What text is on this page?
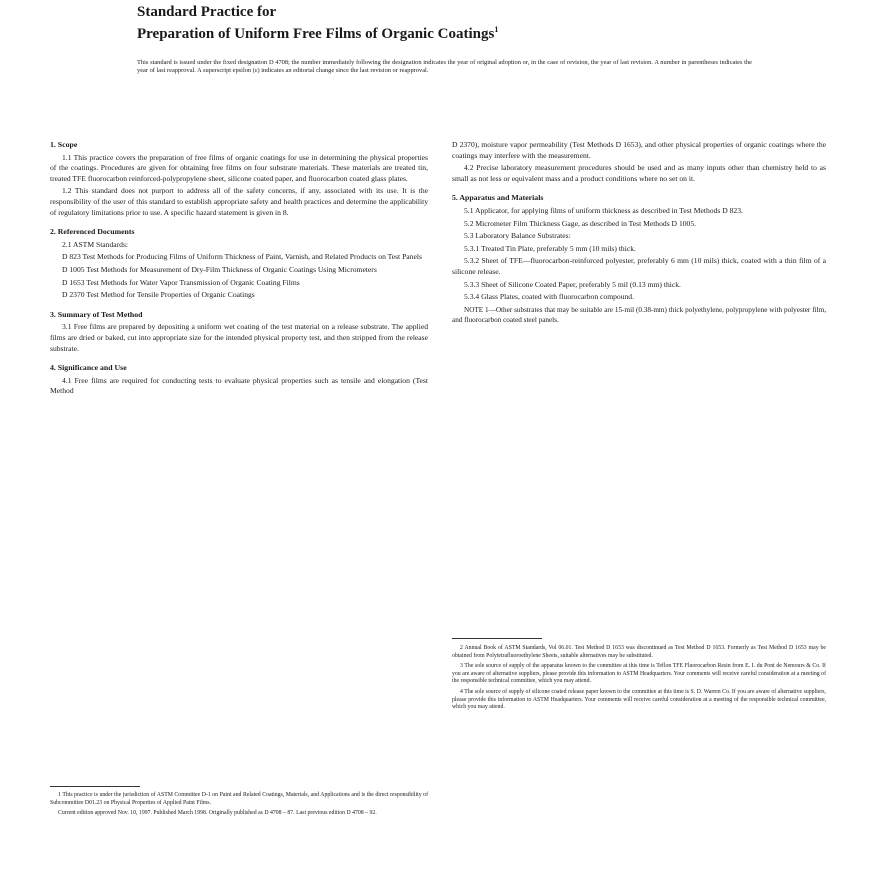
Standard Practice for

Preparation of Uniform Free Films of Organic Coatings$^1$

This standard is issued under the fixed designation D 4708; the number immediately following the designation indicates the year of original adoption or, in the case of revision, the year of last revision. A number in parentheses indicates the year of last reapproval. A superscript epsilon (ε) indicates an editorial change since the last revision or reapproval.

1. Scope

1.1 This practice covers the preparation of free films of organic coatings for use in determining the physical properties of the coatings. Procedures are given for obtaining free films on four substrate materials. These materials are treated tin, treated TFE fluorocarbon reinforced-polypropylene sheet, silicone coated paper, and fluorocarbon coated glass plates.

1.2 This standard does not purport to address all of the safety concerns, if any, associated with its use. It is the responsibility of the user of this standard to establish appropriate safety and health practices and determine the applicability of regulatory limitations prior to use. A specific hazard statement is given in 8.

2. Referenced Documents

2.1 ASTM Standards:

D 823 Test Methods for Producing Films of Uniform Thickness of Paint, Varnish, and Related Products on Test Panels

D 1005 Test Methods for Measurement of Dry-Film Thickness of Organic Coatings Using Micrometers

D 1653 Test Methods for Water Vapor Transmission of Organic Coating Films

D 2370 Test Method for Tensile Properties of Organic Coatings

3. Summary of Test Method

3.1 Free films are prepared by depositing a uniform wet coating of the test material on a release substrate. The applied films are dried or baked, cut into appropriate size for the intended physical property test, and then stripped from the release substrate.

4. Significance and Use

4.1 Free films are required for conducting tests to evaluate physical properties such as tensile and elongation (Test Method

D 2370), moisture vapor permeability (Test Methods D 1653), and other physical properties of organic coatings where the coatings may interfere with the measurement.

4.2 Precise laboratory measurement procedures should be used and as many inputs other than chemistry held to as small as not less or equivalent mass and a product conditions where no set on it.

5. Apparatus and Materials

5.1 Applicator, for applying films of uniform thickness as described in Test Methods D 823.

5.2 Micrometer Film Thickness Gage, as described in Test Methods D 1005.

5.3 Laboratory Balance Substrates:

5.3.1 Treated Tin Plate, preferably 5 mm (10 mils) thick.

5.3.2 Sheet of TFE—fluorocarbon-reinforced polyester, preferably 6 mm (10 mils) thick, coated with a thin film of a silicone release.

5.3.3 Sheet of Silicone Coated Paper, preferably 5 mil (0.13 mm) thick.

5.3.4 Glass Plates, coated with fluorocarbon compound.

NOTE 1—Other substrates that may be suitable are 15-mil (0.38-mm) thick polyethylene, polypropylene with polyester film, and fluorocarbon coated steel panels.

1 This practice is under the jurisdiction of ASTM Committee D-1 on Paint and Related Coatings, Materials, and Applications and is the direct responsibility of Subcommittee D01.23 on Physical Properties of Applied Paint Films.

Current edition approved Nov. 10, 1997. Published March 1998. Originally published as D 4708 – 87. Last previous edition D 4708 – 92.

2 Annual Book of ASTM Standards, Vol 06.01. Test Method D 1653 was discontinued as Test Method D 1653. Formerly as Test Method D 1653 may be obtained from Polytetrafluoroethylene Sheets, suitable alternatives may be substituted.

3 The sole source of supply of the apparatus known to the committee at this time is Teflon TFE Fluorocarbon Resin from E. I. du Pont de Nemours & Co. If you are aware of alternative suppliers, please provide this information to ASTM Headquarters. Your comments will receive careful consideration at a meeting of the responsible technical committee, which you may attend.

4 The sole source of supply of silicone coated release paper known to the committee at this time is S. D. Warren Co. If you are aware of alternative suppliers, please provide this information to ASTM Headquarters. Your comments will receive careful consideration at a meeting of the responsible technical committee, which you may attend.
